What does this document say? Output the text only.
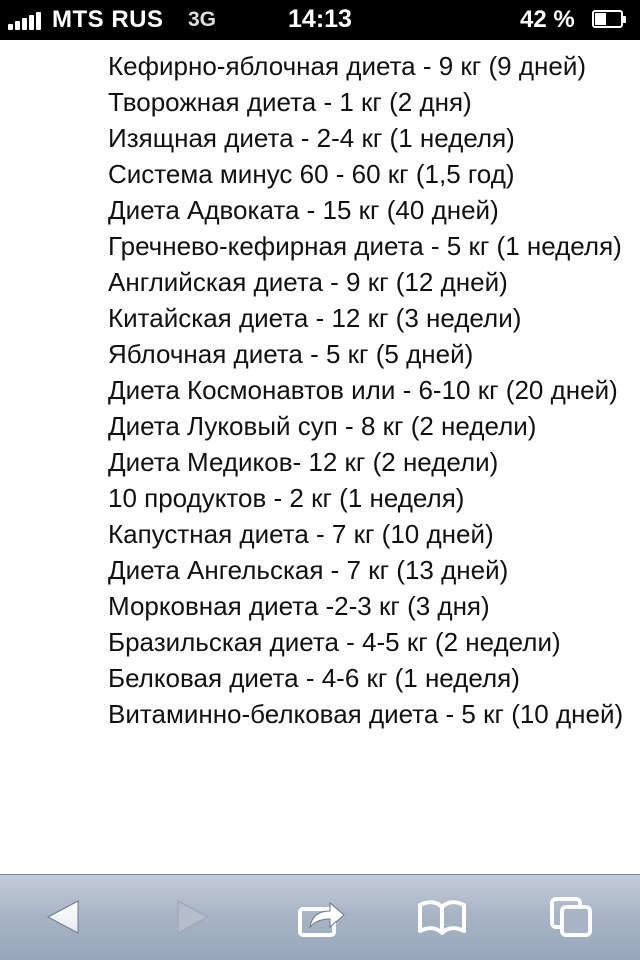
MTS RUS 3G	14:13	42 %
Кефирно-яблочная диета - 9 кг (9 дней)
Творожная диета - 1 кг (2 дня)
Изящная диета - 2-4 кг (1 неделя)
Система минус 60 - 60 кг (1,5 год)
Диета Адвоката - 15 кг (40 дней)
Гречнево-кефирная диета - 5 кг (1 неделя)
Английская диета - 9 кг (12 дней)
Китайская диета - 12 кг (3 недели)
Яблочная диета - 5 кг (5 дней)
Диета Космонавтов или - 6-10 кг (20 дней)
Диета Луковый суп - 8 кг (2 недели)
Диета Медиков- 12 кг (2 недели)
10 продуктов - 2 кг (1 неделя)
Капустная диета - 7 кг (10 дней)
Диета Ангельская - 7 кг (13 дней)
Морковная диета -2-3 кг (3 дня)
Бразильская диета - 4-5 кг (2 недели)
Белковая диета - 4-6 кг (1 неделя)
Витаминно-белковая диета - 5 кг (10 дней)
